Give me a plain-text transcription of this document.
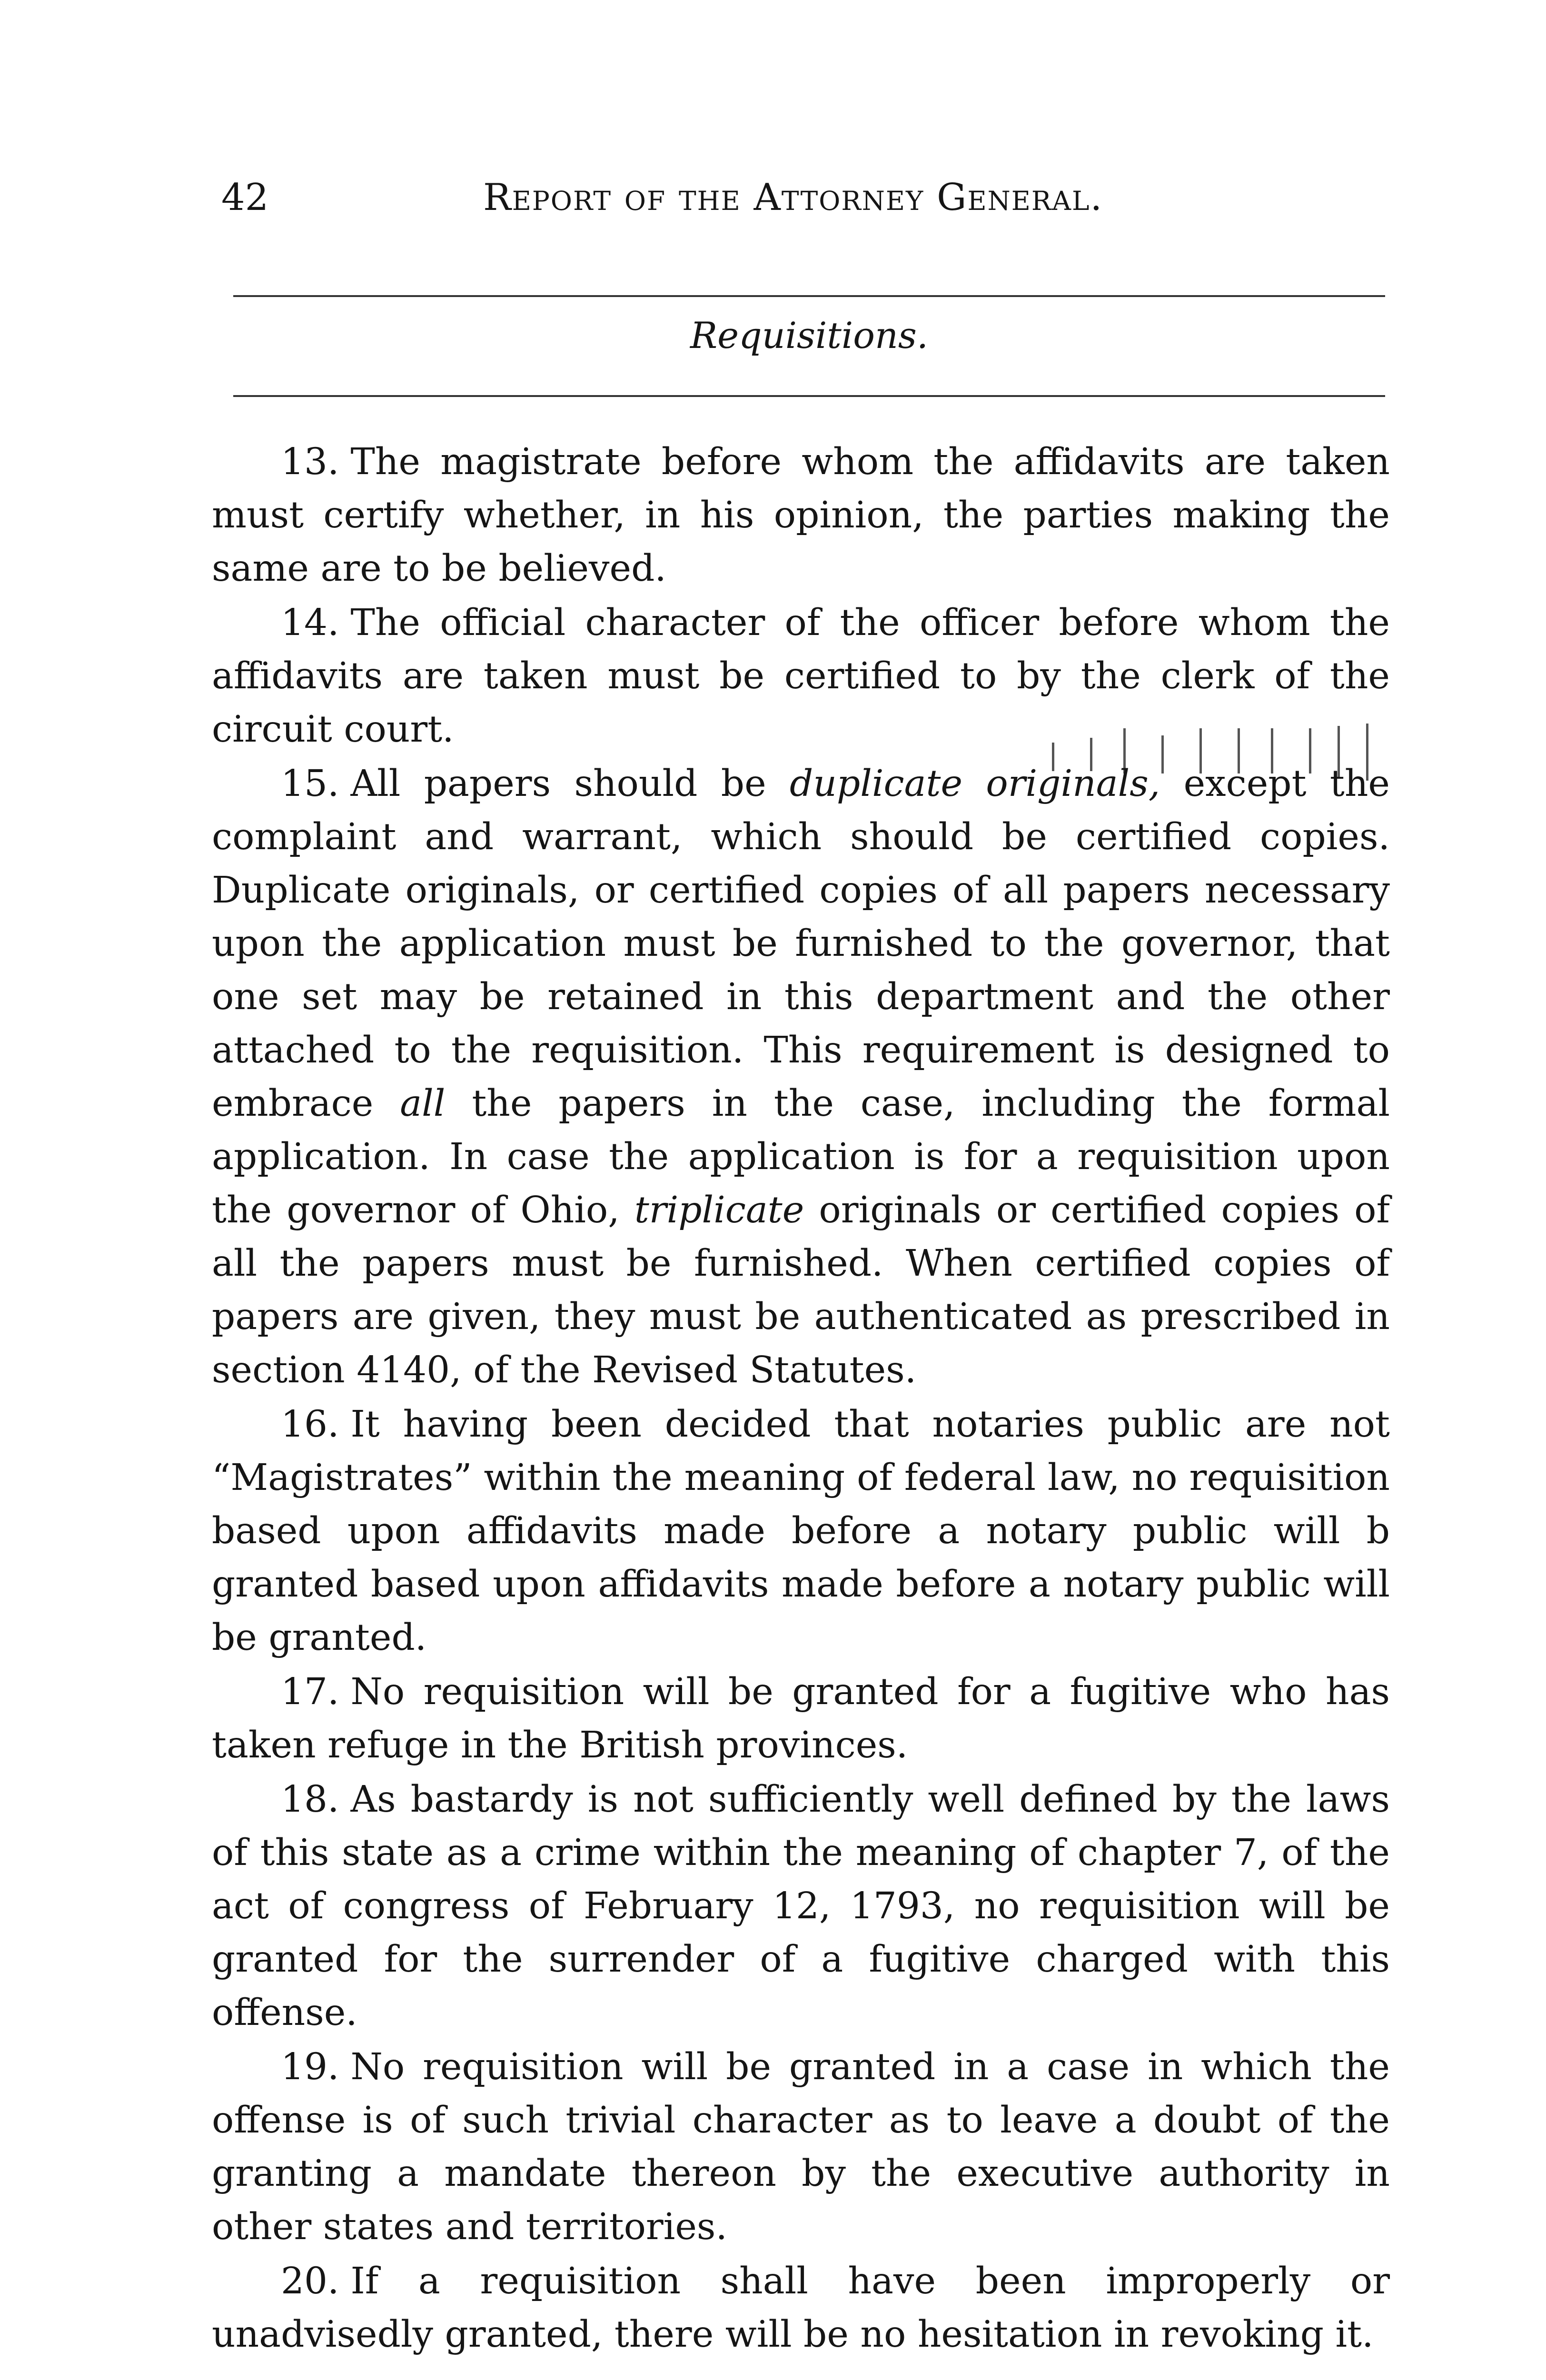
42	Report of the Attorney General.
Requisitions.

13. The magistrate before whom the affidavits are taken must certify whether, in his opinion, the parties making the same are to be believed.

14. The official character of the officer before whom the affidavits are taken must be certified to by the clerk of the circuit court.

15. All papers should be duplicate originals, except the complaint and warrant, which should be certified copies. Duplicate originals, or certified copies of all papers necessary upon the application must be furnished to the governor, that one set may be retained in this department and the other attached to the requisition. This requirement is designed to embrace all the papers in the case, including the formal application. In case the application is for a requisition upon the governor of Ohio, triplicate originals or certified copies of all the papers must be furnished. When certified copies of papers are given, they must be authenticated as prescribed in section 4140, of the Revised Statutes.

16. It having been decided that notaries public are not “Magistrates” within the meaning of federal law, no requisition based upon affidavits made before a notary public will b granted based upon affidavits made before a notary public will be granted.

17. No requisition will be granted for a fugitive who has taken refuge in the British provinces.

18. As bastardy is not sufficiently well defined by the laws of this state as a crime within the meaning of chapter 7, of the act of congress of February 12, 1793, no requisition will be granted for the surrender of a fugitive charged with this offense.

19. No requisition will be granted in a case in which the offense is of such trivial character as to leave a doubt of the granting a mandate thereon by the executive authority in other states and territories.

20. If a requisition shall have been improperly or unadvisedly granted, there will be no hesitation in revoking it.
